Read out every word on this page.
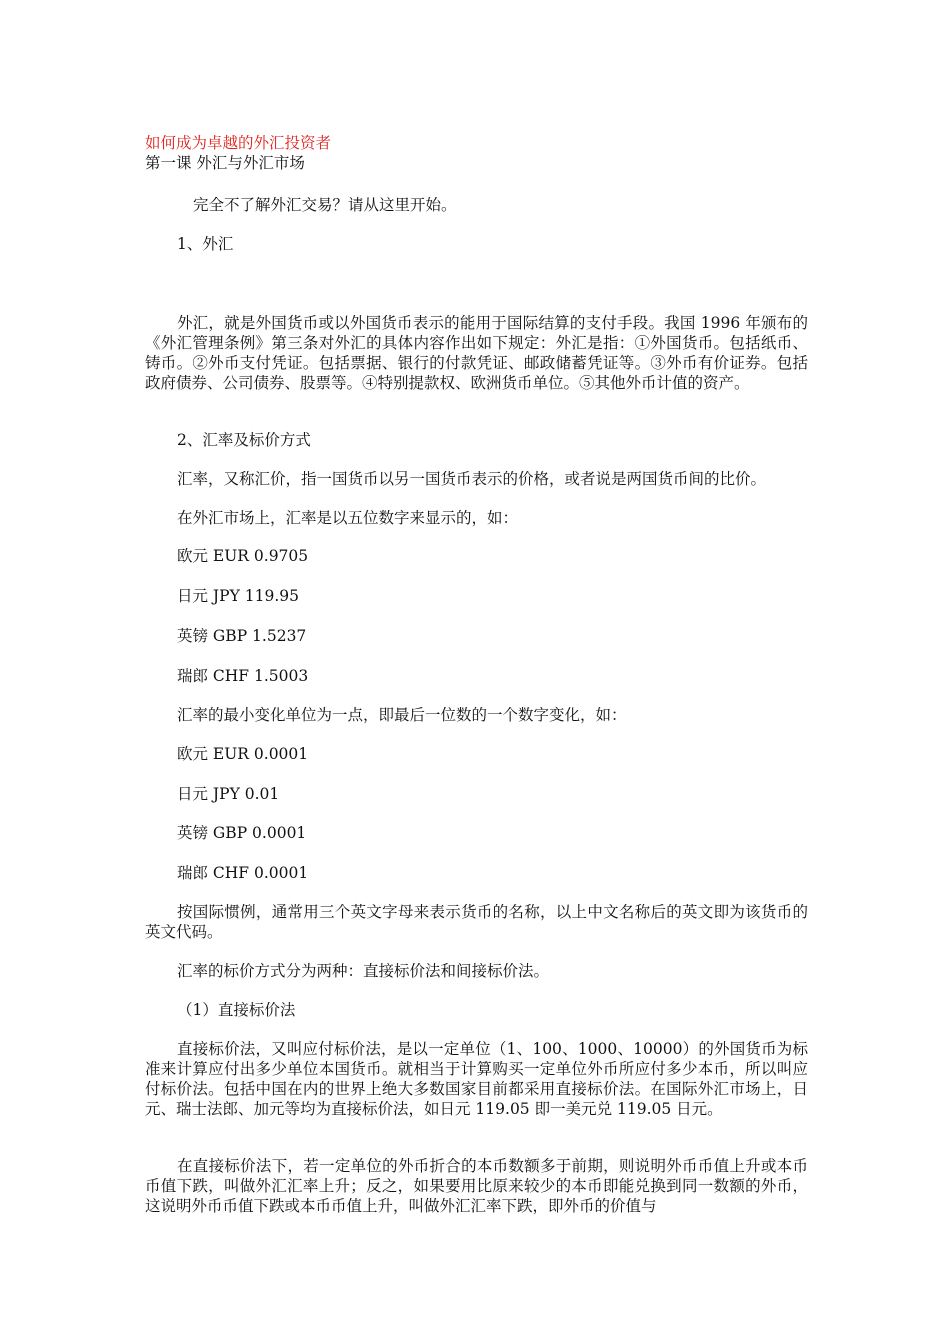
如何成为卓越的外汇投资者

第一课 外汇与外汇市场

完全不了解外汇交易？请从这里开始。
1、外汇
外汇，就是外国货币或以外国货币表示的能用于国际结算的支付手段。我国 1996 年颁布的《外汇管理条例》第三条对外汇的具体内容作出如下规定：外汇是指：①外国货币。包括纸币、铸币。②外币支付凭证。包括票据、银行的付款凭证、邮政储蓄凭证等。③外币有价证券。包括政府债券、公司债券、股票等。④特别提款权、欧洲货币单位。⑤其他外币计值的资产。
2、汇率及标价方式
汇率，又称汇价，指一国货币以另一国货币表示的价格，或者说是两国货币间的比价。
在外汇市场上，汇率是以五位数字来显示的，如：
欧元 EUR 0.9705
日元 JPY 119.95
英镑 GBP 1.5237
瑞郎 CHF 1.5003
汇率的最小变化单位为一点，即最后一位数的一个数字变化，如：
欧元 EUR 0.0001
日元 JPY 0.01
英镑 GBP 0.0001
瑞郎 CHF 0.0001
按国际惯例，通常用三个英文字母来表示货币的名称，以上中文名称后的英文即为该货币的英文代码。
汇率的标价方式分为两种：直接标价法和间接标价法。
（1）直接标价法
直接标价法，又叫应付标价法，是以一定单位（1、100、1000、10000）的外国货币为标准来计算应付出多少单位本国货币。就相当于计算购买一定单位外币所应付多少本币，所以叫应付标价法。包括中国在内的世界上绝大多数国家目前都采用直接标价法。在国际外汇市场上，日元、瑞士法郎、加元等均为直接标价法，如日元 119.05 即一美元兑 119.05 日元。
在直接标价法下，若一定单位的外币折合的本币数额多于前期，则说明外币币值上升或本币币值下跌，叫做外汇汇率上升；反之，如果要用比原来较少的本币即能兑换到同一数额的外币，这说明外币币值下跌或本币币值上升，叫做外汇汇率下跌，即外币的价值与
